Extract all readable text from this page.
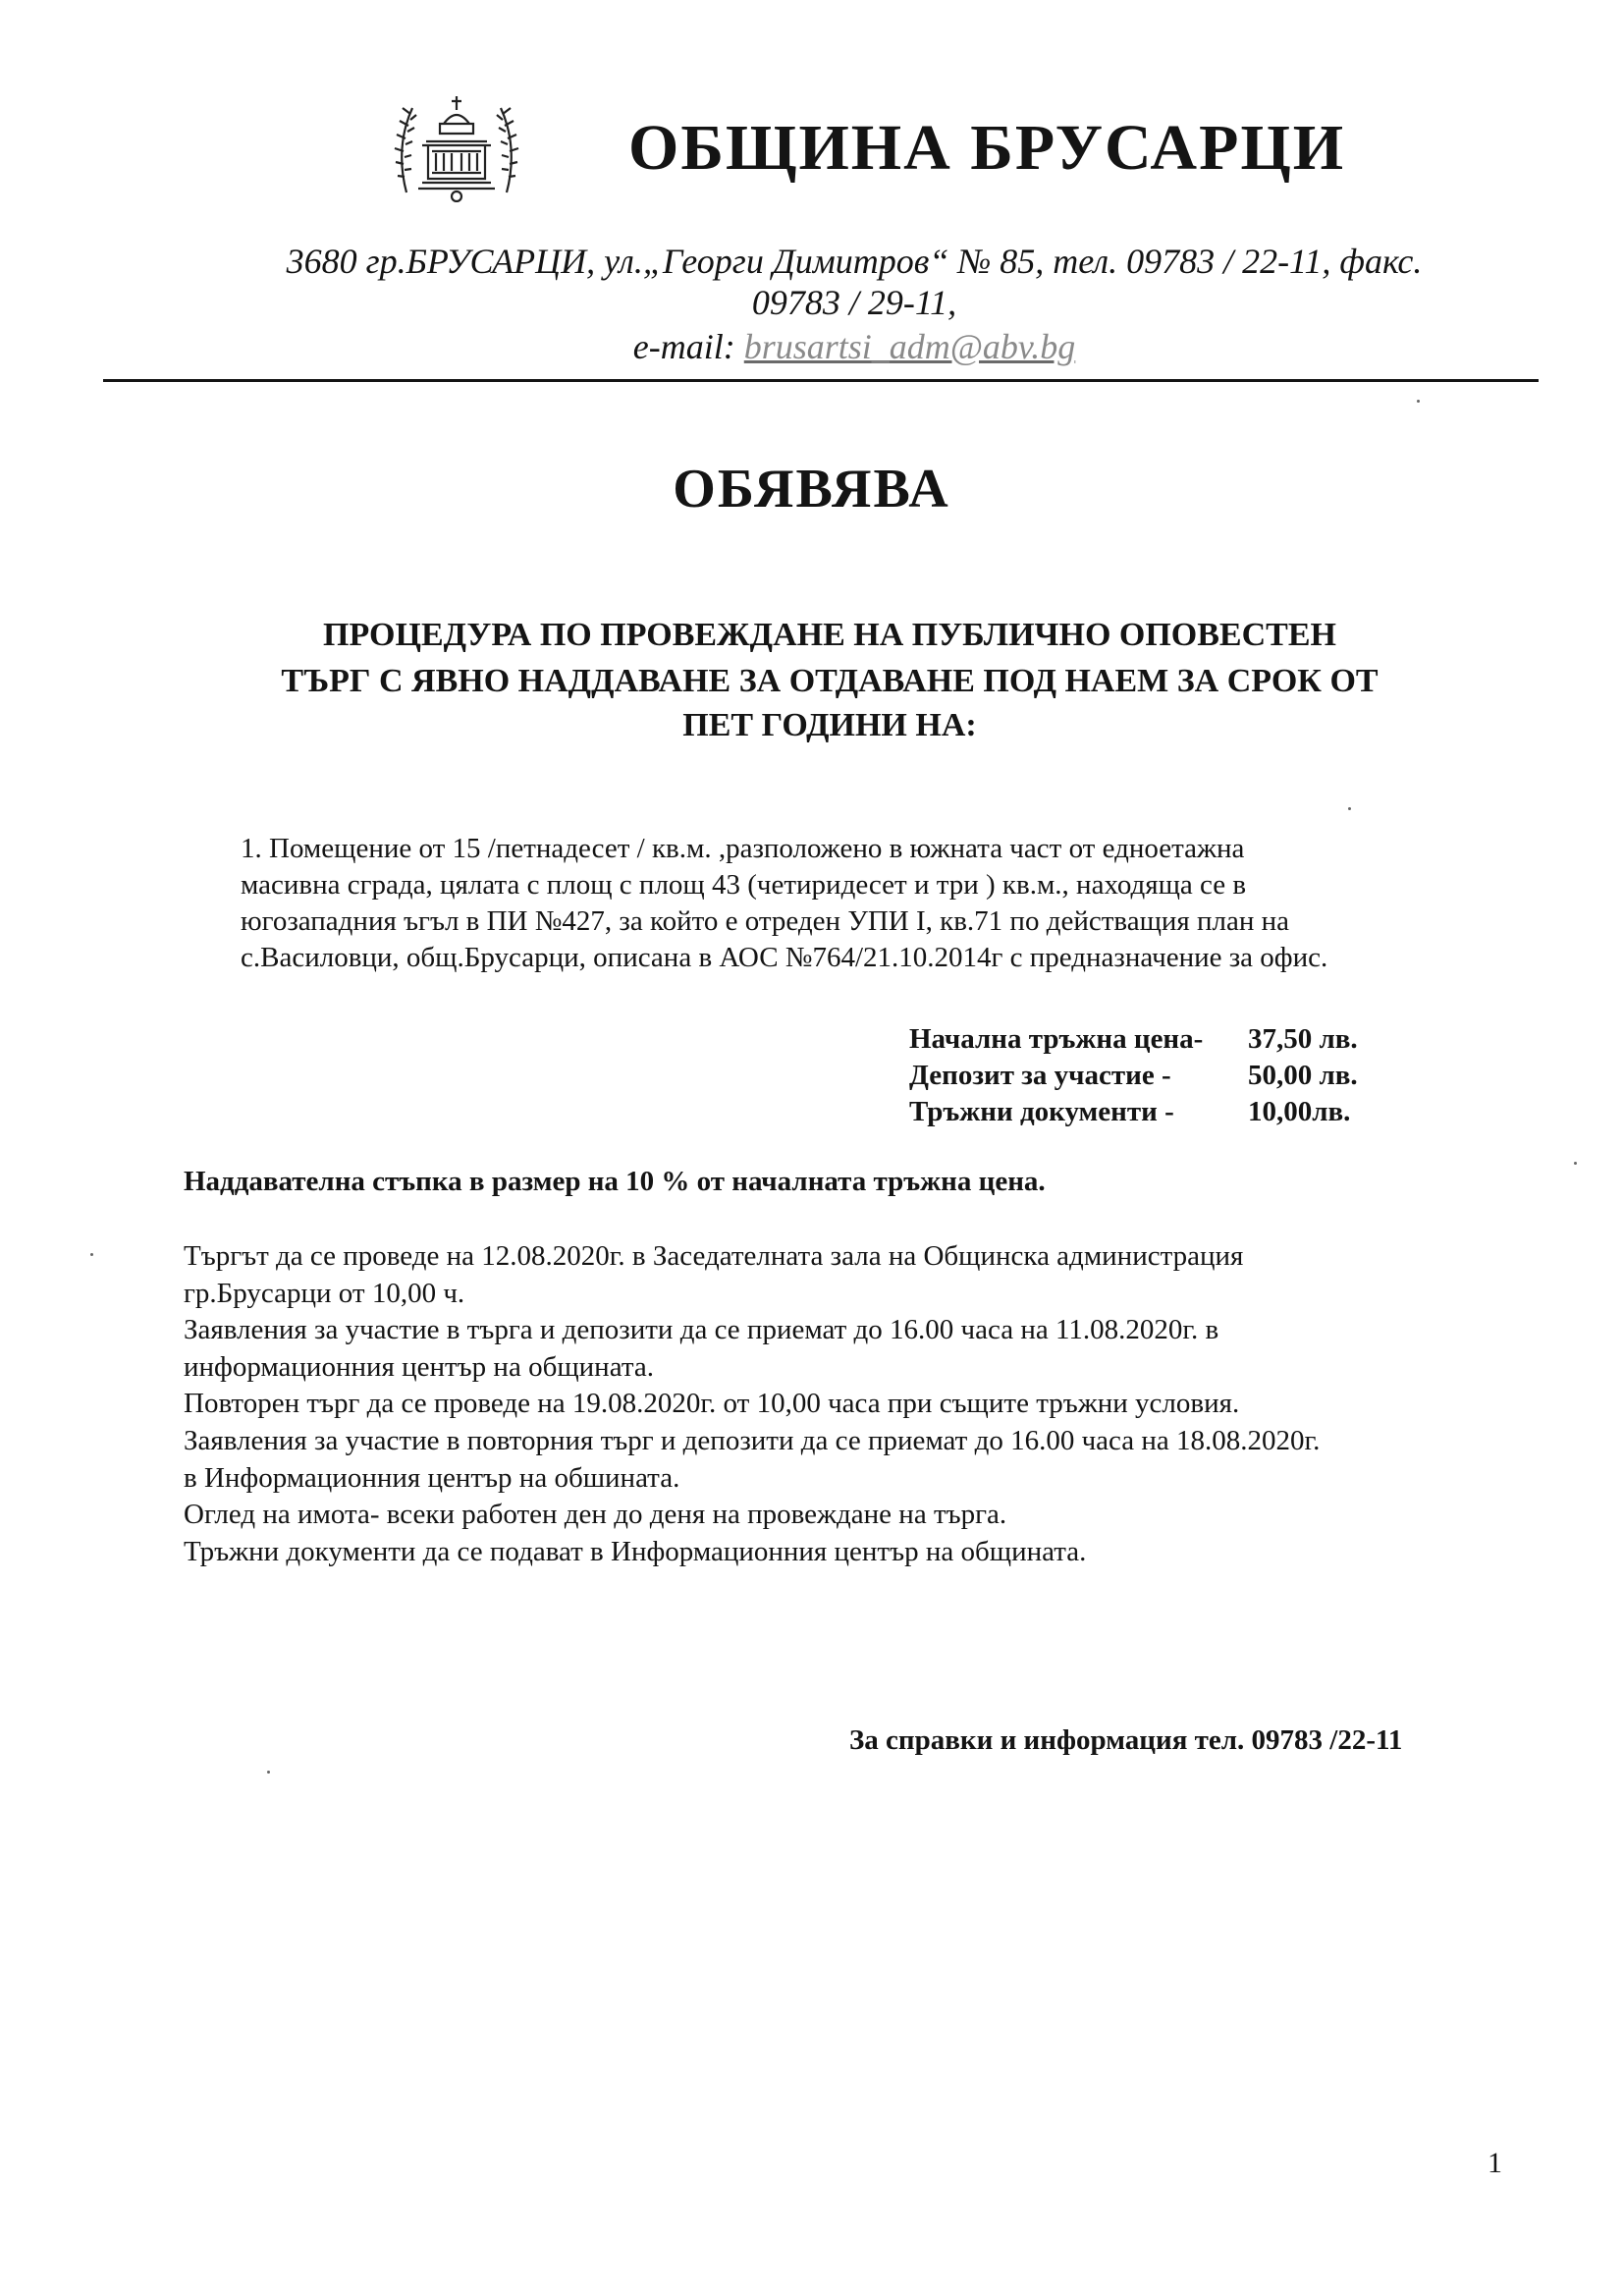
ОБЩИНА БРУСАРЦИ
3680 гр.БРУСАРЦИ, ул.„Георги Димитров“ № 85, тел. 09783 / 22-11, факс.
09783 / 29-11,
e-mail: brusartsi_adm@abv.bg
ОБЯВЯВА
ПРОЦЕДУРА ПО ПРОВЕЖДАНЕ НА ПУБЛИЧНО ОПОВЕСТЕН
ТЪРГ С ЯВНО НАДДАВАНЕ ЗА ОТДАВАНЕ ПОД НАЕМ ЗА СРОК ОТ
ПЕТ ГОДИНИ НА:

1. Помещение от 15 /петнадесет / кв.м. ,разположено в южната част от едноетажна

масивна сграда, цялата с площ с площ 43 (четиридесет и три ) кв.м., находяща се в

югозападния ъгъл в ПИ №427, за който е отреден УПИ I, кв.71 по действащия план на

с.Василовци, общ.Брусарци, описана в АОС №764/21.10.2014г с предназначение за офис.

Начална тръжна цена- 37,50 лв.
Депозит за участие -	50,00 лв.
Тръжни документи -	10,00лв.
Наддавателна стъпка в размер на 10 % от началната тръжна цена.

Търгът да се проведе на 12.08.2020г. в Заседателната зала на Общинска администрация

гр.Брусарци от 10,00 ч.

Заявления за участие в търга и депозити да се приемат до 16.00 часа на 11.08.2020г. в

информационния център на общината.

Повторен търг да се проведе на 19.08.2020г. от 10,00 часа при същите тръжни условия.

Заявления за участие в повторния търг и депозити да се приемат до 16.00 часа на 18.08.2020г.

в Информационния център на обшината.

Оглед на имота- всеки работен ден до деня на провеждане на търга.

Тръжни документи да се подават в Информационния център на общината.

За справки и информация тел. 09783 /22-11
1
